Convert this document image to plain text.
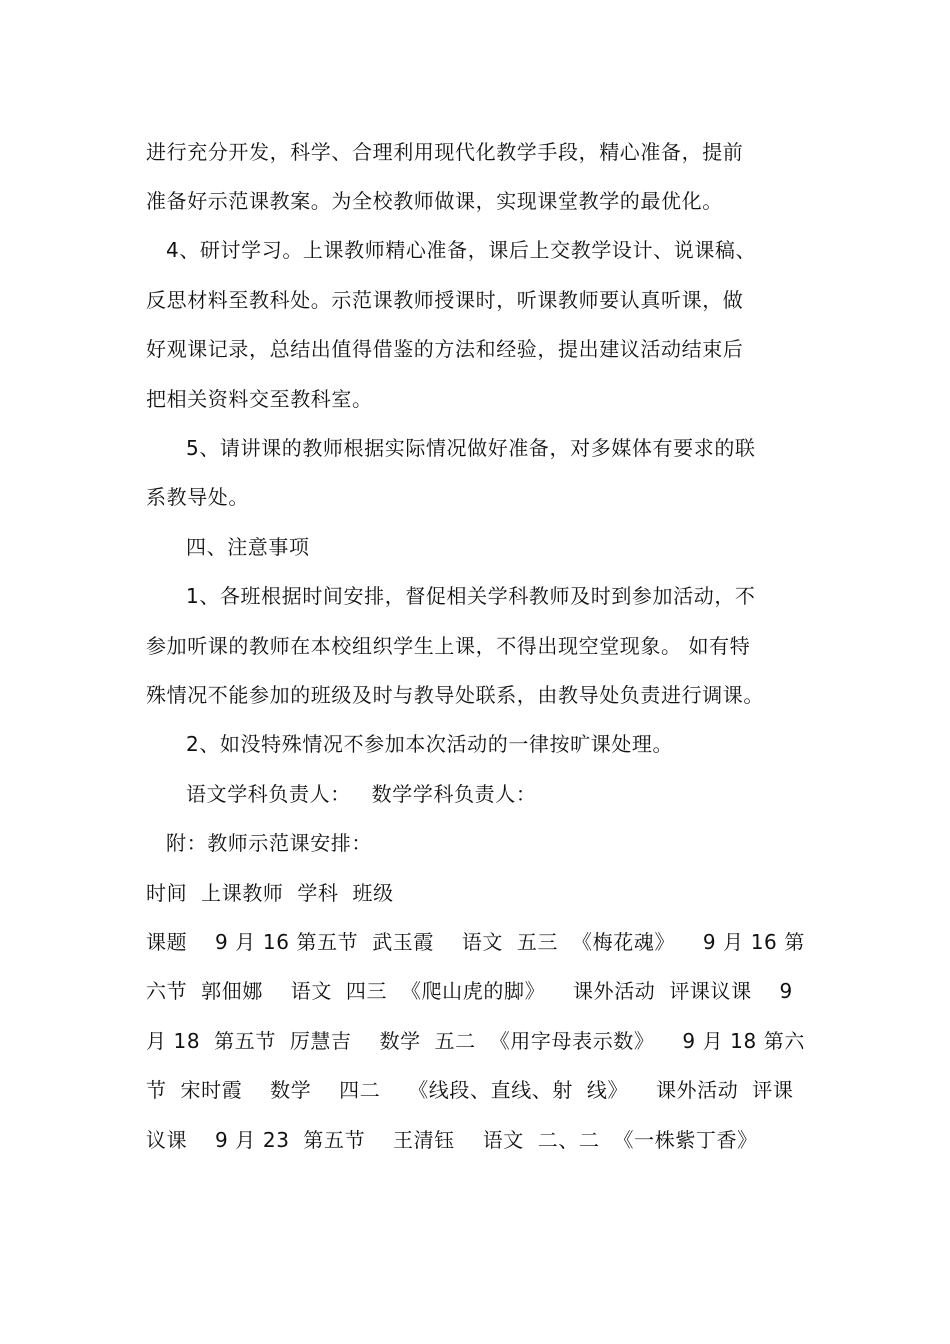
进行充分开发，科学、合理利用现代化教学手段，精心准备，提前
准备好示范课教案。为全校教师做课，实现课堂教学的最优化。
4、研讨学习。上课教师精心准备，课后上交教学设计、说课稿、
反思材料至教科处。示范课教师授课时，听课教师要认真听课，做
好观课记录，总结出值得借鉴的方法和经验，提出建议活动结束后
把相关资料交至教科室。
5、请讲课的教师根据实际情况做好准备，对多媒体有要求的联
系教导处。
四、注意事项
1、各班根据时间安排，督促相关学科教师及时到参加活动，不
参加听课的教师在本校组织学生上课，不得出现空堂现象。 如有特
殊情况不能参加的班级及时与教导处联系，由教导处负责进行调课。
2、如没特殊情况不参加本次活动的一律按旷课处理。
语文学科负责人：   数学学科负责人：
附：教师示范课安排：
时间  上课教师  学科  班级
课题    9 月 16 第五节  武玉霞    语文  五三  《梅花魂》    9 月 16 第
六节  郭佃娜    语文  四三  《爬山虎的脚》    课外活动  评课议课    9
月 18  第五节  厉慧吉    数学  五二  《用字母表示数》    9 月 18 第六
节  宋时霞    数学    四二    《线段、直线、射  线》    课外活动  评课
议课    9 月 23  第五节    王清钰    语文  二、二  《一株紫丁香》
